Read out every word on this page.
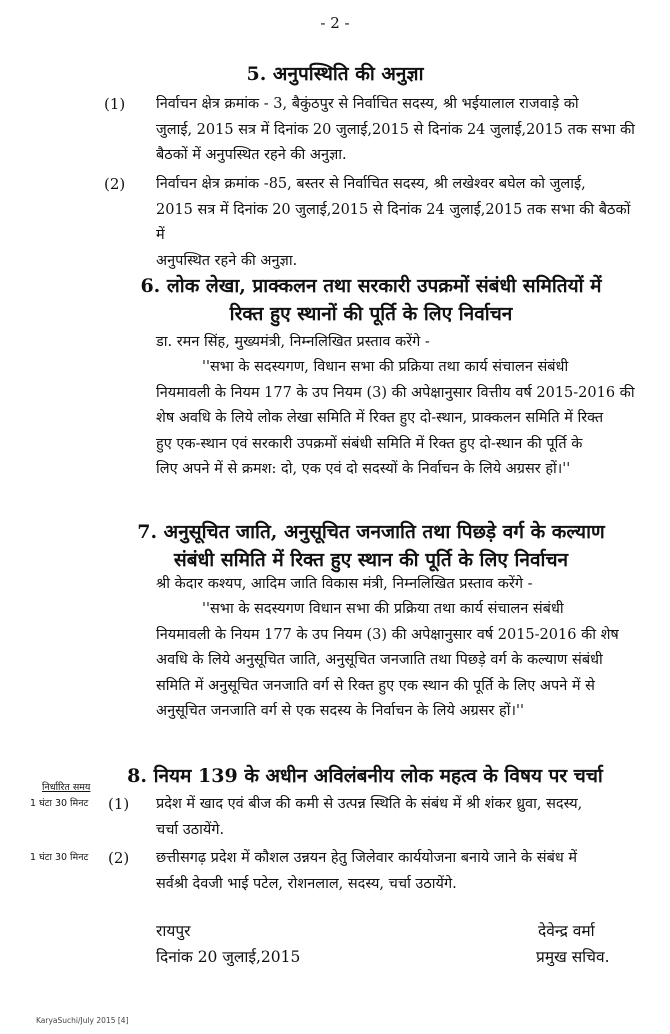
- 2 -
5. अनुपस्थिति की अनुज्ञा
(1) निर्वाचन क्षेत्र क्रमांक - 3, बैकुंठपुर से निर्वाचित सदस्य, श्री भईयालाल राजवाड़े को
जुलाई, 2015 सत्र में दिनांक 20 जुलाई,2015 से दिनांक 24 जुलाई,2015 तक सभा की
बैठकों में अनुपस्थित रहने की अनुज्ञा.
(2) निर्वाचन क्षेत्र क्रमांक -85, बस्तर से निर्वाचित सदस्य, श्री लखेश्वर बघेल को जुलाई,
2015 सत्र में दिनांक 20 जुलाई,2015 से दिनांक 24 जुलाई,2015 तक सभा की बैठकों में
अनुपस्थित रहने की अनुज्ञा.
6. लोक लेखा, प्राक्कलन तथा सरकारी उपक्रमों संबंधी समितियों में
रिक्त हुए स्थानों की पूर्ति के लिए निर्वाचन
डा. रमन सिंह, मुख्यमंत्री, निम्नलिखित प्रस्ताव करेंगे -
''सभा के सदस्यगण, विधान सभा की प्रक्रिया तथा कार्य संचालन संबंधी
नियमावली के नियम 177 के उप नियम (3) की अपेक्षानुसार वित्तीय वर्ष 2015-2016 की
शेष अवधि के लिये लोक लेखा समिति में रिक्त हुए दो-स्थान, प्राक्कलन समिति में रिक्त
हुए एक-स्थान एवं सरकारी उपक्रमों संबंधी समिति में रिक्त हुए दो-स्थान की पूर्ति के
लिए अपने में से क्रमश: दो, एक एवं दो सदस्यों के निर्वाचन के लिये अग्रसर हों।''
7. अनुसूचित जाति, अनुसूचित जनजाति तथा पिछड़े वर्ग के कल्याण
संबंधी समिति में रिक्त हुए स्थान की पूर्ति के लिए निर्वाचन
श्री केदार कश्यप, आदिम जाति विकास मंत्री, निम्नलिखित प्रस्ताव करेंगे -
''सभा के सदस्यगण विधान सभा की प्रक्रिया तथा कार्य संचालन संबंधी
नियमावली के नियम 177 के उप नियम (3) की अपेक्षानुसार वर्ष 2015-2016 की शेष
अवधि के लिये अनुसूचित जाति, अनुसूचित जनजाति तथा पिछड़े वर्ग के कल्याण संबंधी
समिति में अनुसूचित जनजाति वर्ग से रिक्त हुए एक स्थान की पूर्ति के लिए अपने में से
अनुसूचित जनजाति वर्ग से एक सदस्य के निर्वाचन के लिये अग्रसर हों।''
8. नियम 139 के अधीन अविलंबनीय लोक महत्व के विषय पर चर्चा
निर्धारित समय
1 घंटा 30 मिनट (1) प्रदेश में खाद एवं बीज की कमी से उत्पन्न स्थिति के संबंध में श्री शंकर ध्रुवा, सदस्य,
चर्चा उठायेंगे.
1 घंटा 30 मिनट (2) छत्तीसगढ़ प्रदेश में कौशल उन्नयन हेतु जिलेवार कार्ययोजना बनाये जाने के संबंध में
सर्वश्री देवजी भाई पटेल, रोशनलाल, सदस्य, चर्चा उठायेंगे.
रायपुर
दिनांक 20 जुलाई,2015
देवेन्द्र वर्मा
प्रमुख सचिव.
KaryaSuchi/July 2015 [4]
